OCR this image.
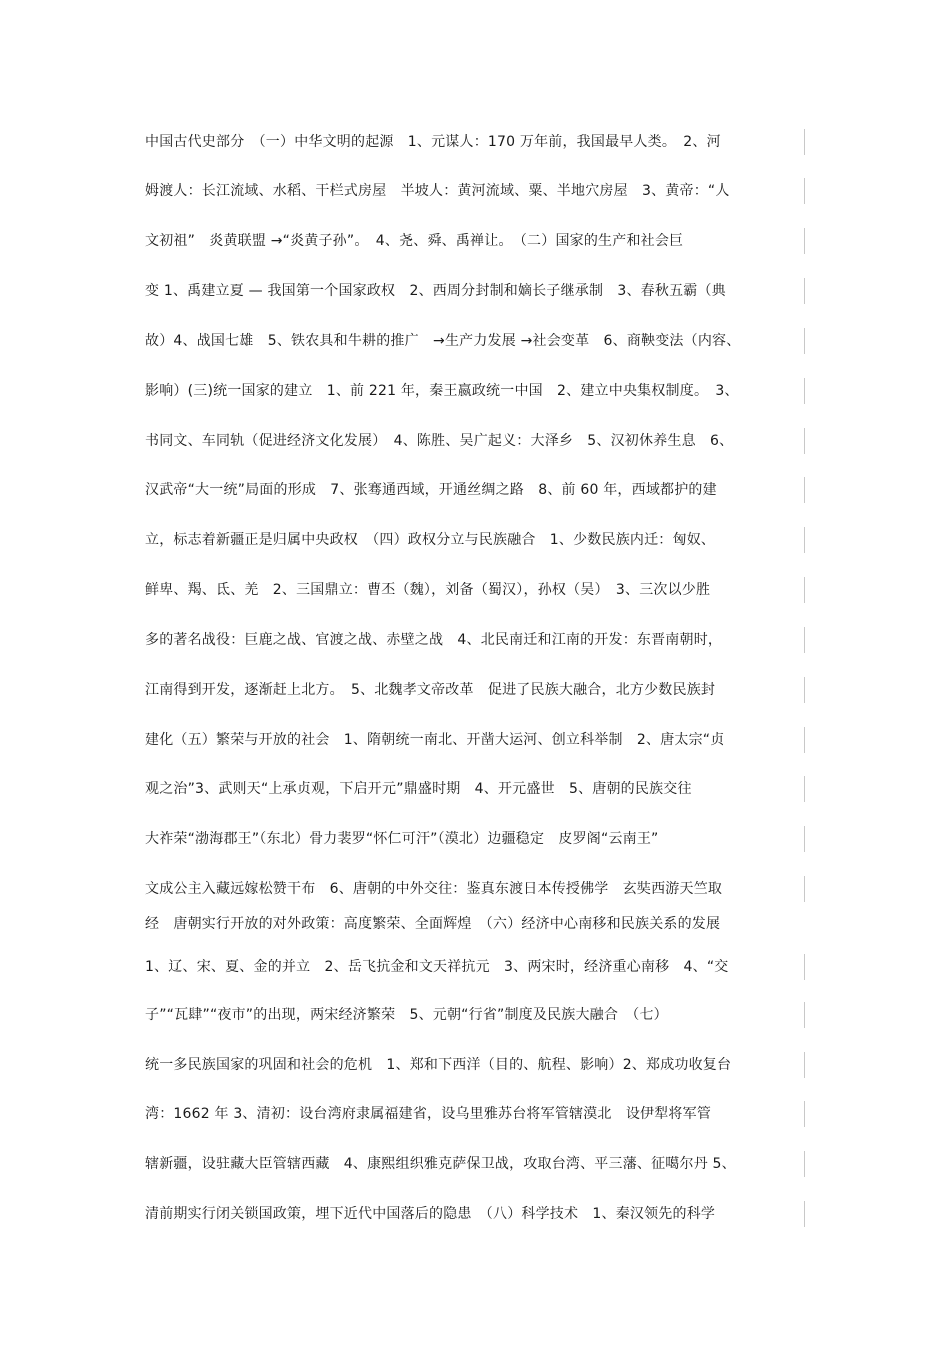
中国古代史部分　（一）中华文明的起源　1、元谋人：170 万年前，我国最早人类。　2、河
姆渡人：长江流域、水稻、干栏式房屋　半坡人：黄河流域、粟、半地穴房屋　3、黄帝：“人
文初祖”　炎黄联盟 →“炎黄子孙”。　4、尧、舜、禹禅让。　（二）国家的生产和社会巨
变 1、禹建立夏 — 我国第一个国家政权　2、西周分封制和嫡长子继承制　3、春秋五霸（典
故）4、战国七雄　5、铁农具和牛耕的推广　→生产力发展 →社会变革　6、商鞅变法（内容、
影响）(三)统一国家的建立　1、前 221 年，秦王嬴政统一中国　2、建立中央集权制度。　3、
书同文、车同轨（促进经济文化发展）　4、陈胜、吴广起义：大泽乡　5、汉初休养生息　6、
汉武帝“大一统”局面的形成　7、张骞通西域，开通丝绸之路　8、前 60 年，西域都护的建
立，标志着新疆正是归属中央政权　（四）政权分立与民族融合　1、少数民族内迁：匈奴、
鲜卑、羯、氐、羌　2、三国鼎立：曹丕（魏），刘备（蜀汉），孙权（吴）　3、三次以少胜
多的著名战役：巨鹿之战、官渡之战、赤壁之战　4、北民南迁和江南的开发：东晋南朝时，
江南得到开发，逐渐赶上北方。　5、北魏孝文帝改革　促进了民族大融合，北方少数民族封
建化（五）繁荣与开放的社会　1、隋朝统一南北、开凿大运河、创立科举制　2、唐太宗“贞
观之治”3、武则天“上承贞观，下启开元”鼎盛时期　4、开元盛世　5、唐朝的民族交往
大祚荣“渤海郡王”（东北）骨力裴罗“怀仁可汗”（漠北）边疆稳定　皮罗阁“云南王”
文成公主入藏远嫁松赞干布　6、唐朝的中外交往：鉴真东渡日本传授佛学　玄奘西游天竺取
经　唐朝实行开放的对外政策：高度繁荣、全面辉煌　（六）经济中心南移和民族关系的发展
1、辽、宋、夏、金的并立　2、岳飞抗金和文天祥抗元　3、两宋时，经济重心南移　4、“交
子”“瓦肆”“夜市”的出现，两宋经济繁荣　5、元朝“行省”制度及民族大融合　（七）
统一多民族国家的巩固和社会的危机　1、郑和下西洋（目的、航程、影响）2、郑成功收复台
湾：1662 年 3、清初：设台湾府隶属福建省，设乌里雅苏台将军管辖漠北　设伊犁将军管
辖新疆，设驻藏大臣管辖西藏　4、康熙组织雅克萨保卫战，攻取台湾、平三藩、征噶尔丹 5、
清前期实行闭关锁国政策，埋下近代中国落后的隐患　（八）科学技术　1、秦汉领先的科学
